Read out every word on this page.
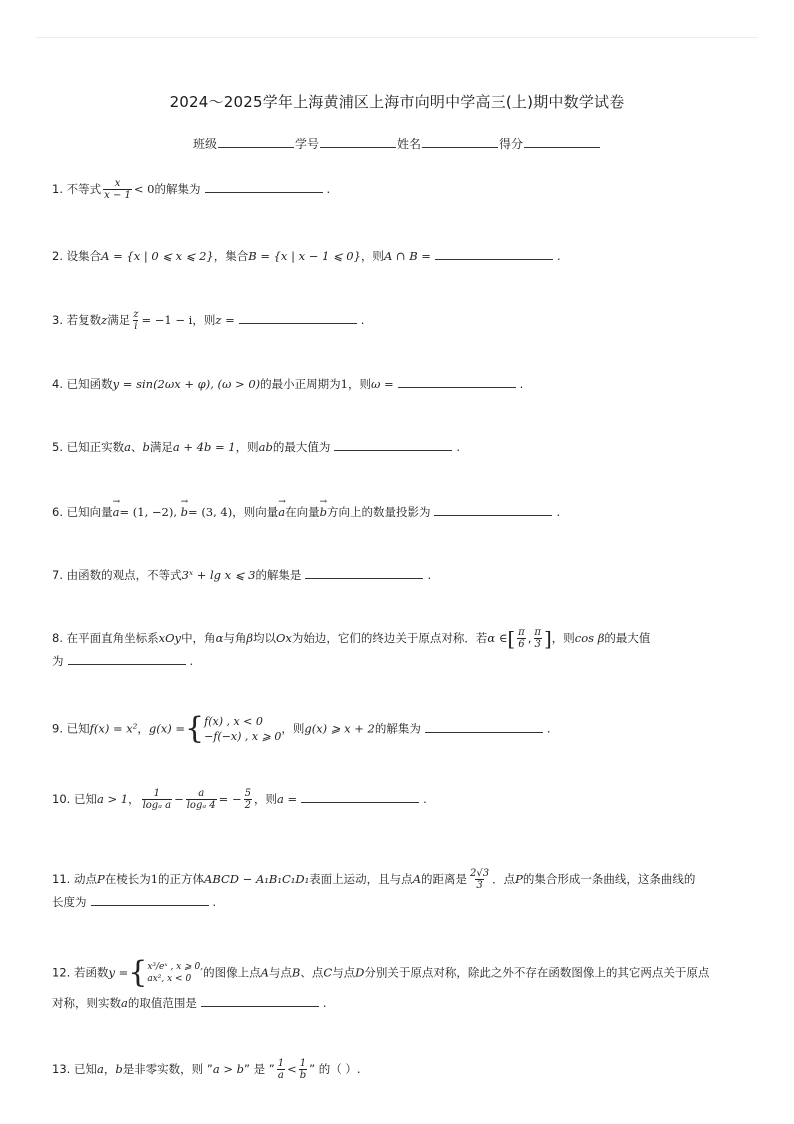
2024～2025学年上海黄浦区上海市向明中学高三(上)期中数学试卷
班级	学号	姓名	得分
1. 不等式 $\frac{x}{x - 1} < 0$的解集为	.
2. 设集合A = {x | 0 ⩽ x ⩽ 2}，集合B = {x | x − 1 ⩽ 0}，则A ∩ B =	.
3. 若复数z满足 $\frac{z}{i} = -1 - i$，则z =	.
4. 已知函数y = sin(2ωx + φ), (ω > 0)的最小正周期为1，则ω =	.
5. 已知正实数a、b满足a + 4b = 1，则ab的最大值为	.
6. 已知向量→ a= (1, −2), → b= (3, 4)，则向量→ a在向量→ b方向上的数量投影为	.
7. 由函数的观点，不等式3ˣ + lg x ⩽ 3的解集是	.
8. 在平面直角坐标系xOy中，角α与角β均以Ox为始边，它们的终边关于原点对称．若α ∈[ $\frac{\pi}{6}$ , $\frac{\pi}{3}$ ]，则cos β的最大值
为	.
9. 已知f(x) = x²，g(x) = { f(x) , x < 0
−f(−x) , x ⩾ 0
，则g(x) ⩾ x + 2的解集为	.
10. 已知a > 1， $\frac{1}{\text{logₐ a}} - \frac{a}{\text{logₐ 4}}$ = − $\frac{5}{2}$ ，则a =	.
11. 动点P在棱长为1的正方体ABCD − A₁B₁C₁D₁表面上运动，且与点A的距离是 $\frac{2√3}{3}$ ．点P的集合形成一条曲线，这条曲线的
长度为	.
12. 若函数y = { x³/eˣ , x ⩾ 0,
ax², x < 0	的图像上点A与点B、点C与点D分别关于原点对称，除此之外不存在函数图像上的其它两点关于原点
对称，则实数a的取值范围是	.
13. 已知a，b是非零实数，则 ”a > b” 是 ” $\frac{1}{a} < \frac{1}{b}$ ” 的（ ）.
